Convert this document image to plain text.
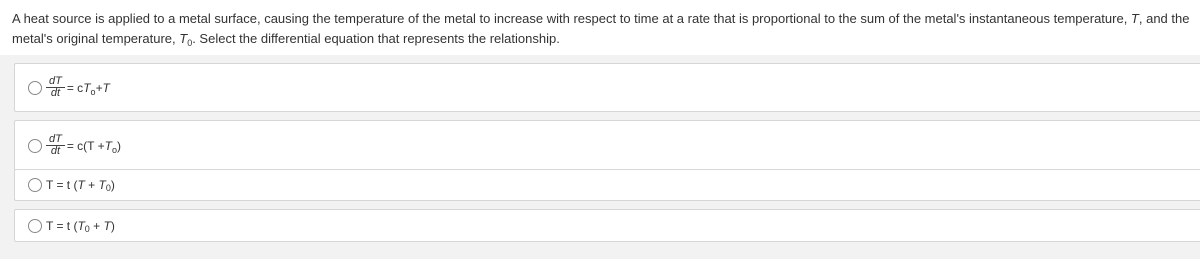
A heat source is applied to a metal surface, causing the temperature of the metal to increase with respect to time at a rate that is proportional to the sum of the metal's instantaneous temperature, T, and the metal's original temperature, $T_0$. Select the differential equation that represents the relationship.
$\frac{dT}{dt} = c$ T o +T
$\frac{dT}{dt} = c(T + T$ o )
T = t $(T + T_0)$
T = t $(T_0 + T)$
